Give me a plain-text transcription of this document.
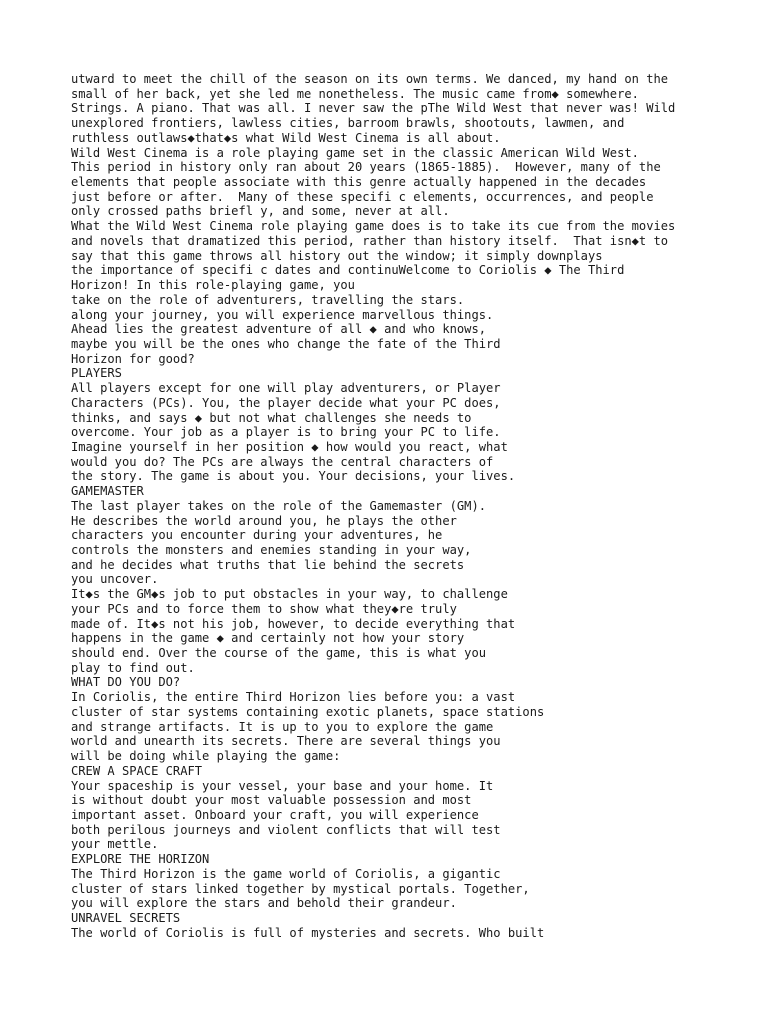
utward to meet the chill of the season on its own terms. We danced, my hand on the
small of her back, yet she led me nonetheless. The music came from◆ somewhere.
Strings. A piano. That was all. I never saw the pThe Wild West that never was! Wild
unexplored frontiers, lawless cities, barroom brawls, shootouts, lawmen, and
ruthless outlaws◆that◆s what Wild West Cinema is all about.
Wild West Cinema is a role playing game set in the classic American Wild West.
This period in history only ran about 20 years (1865-1885).  However, many of the
elements that people associate with this genre actually happened in the decades
just before or after.  Many of these specifi c elements, occurrences, and people
only crossed paths briefl y, and some, never at all.
What the Wild West Cinema role playing game does is to take its cue from the movies
and novels that dramatized this period, rather than history itself.  That isn◆t to
say that this game throws all history out the window; it simply downplays
the importance of specifi c dates and continuWelcome to Coriolis ◆ The Third
Horizon! In this role-playing game, you
take on the role of adventurers, travelling the stars.
along your journey, you will experience marvellous things.
Ahead lies the greatest adventure of all ◆ and who knows,
maybe you will be the ones who change the fate of the Third
Horizon for good?
PLAYERS
All players except for one will play adventurers, or Player
Characters (PCs). You, the player decide what your PC does,
thinks, and says ◆ but not what challenges she needs to
overcome. Your job as a player is to bring your PC to life.
Imagine yourself in her position ◆ how would you react, what
would you do? The PCs are always the central characters of
the story. The game is about you. Your decisions, your lives.
GAMEMASTER
The last player takes on the role of the Gamemaster (GM).
He describes the world around you, he plays the other
characters you encounter during your adventures, he
controls the monsters and enemies standing in your way,
and he decides what truths that lie behind the secrets
you uncover.
It◆s the GM◆s job to put obstacles in your way, to challenge
your PCs and to force them to show what they◆re truly
made of. It◆s not his job, however, to decide everything that
happens in the game ◆ and certainly not how your story
should end. Over the course of the game, this is what you
play to find out.
WHAT DO YOU DO?
In Coriolis, the entire Third Horizon lies before you: a vast
cluster of star systems containing exotic planets, space stations
and strange artifacts. It is up to you to explore the game
world and unearth its secrets. There are several things you
will be doing while playing the game:
CREW A SPACE CRAFT
Your spaceship is your vessel, your base and your home. It
is without doubt your most valuable possession and most
important asset. Onboard your craft, you will experience
both perilous journeys and violent conflicts that will test
your mettle.
EXPLORE THE HORIZON
The Third Horizon is the game world of Coriolis, a gigantic
cluster of stars linked together by mystical portals. Together,
you will explore the stars and behold their grandeur.
UNRAVEL SECRETS
The world of Coriolis is full of mysteries and secrets. Who built
